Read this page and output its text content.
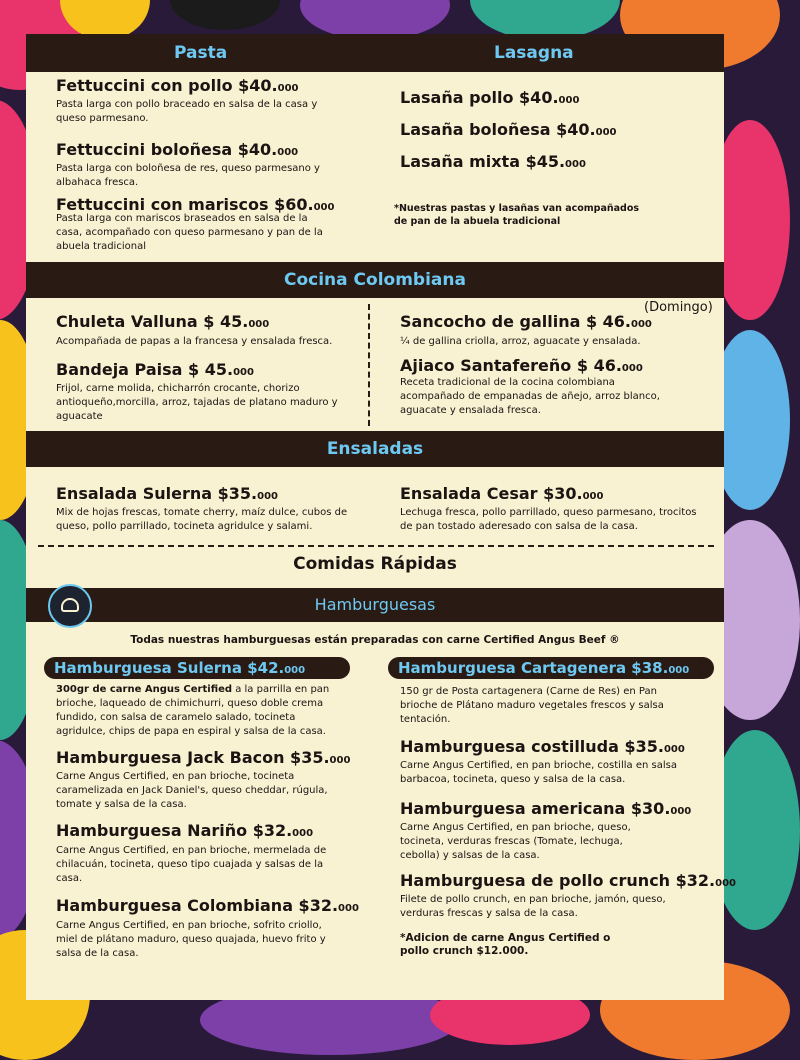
Pasta	Lasagna
Fettuccini con pollo $40.000
Pasta larga con pollo braceado en salsa de la casa y queso parmesano.
Fettuccini boloñesa $40.000
Pasta larga con boloñesa de res, queso parmesano y albahaca fresca.
Fettuccini con mariscos $60.000
Pasta larga con mariscos braseados en salsa de la casa, acompañado con queso parmesano y pan de la abuela tradicional
Lasaña pollo $40.000
Lasaña boloñesa $40.000
Lasaña mixta $45.000
*Nuestras pastas y lasañas van acompañados de pan de la abuela tradicional
Cocina Colombiana
(Domingo)
Chuleta Valluna $ 45.000
Acompañada de papas a la francesa y ensalada fresca.
Bandeja Paisa $ 45.000
Frijol, carne molida, chicharrón crocante, chorizo antioqueño,morcilla, arroz, tajadas de platano maduro y aguacate
Sancocho de gallina $ 46.000
¼ de gallina criolla, arroz, aguacate y ensalada.
Ajiaco Santafereño $ 46.000
Receta tradicional de la cocina colombiana acompañado de empanadas de añejo, arroz blanco, aguacate y ensalada fresca.
Ensaladas
Ensalada Sulerna $35.000
Mix de hojas frescas, tomate cherry, maíz dulce, cubos de queso, pollo parrillado, tocineta agridulce y salami.
Ensalada Cesar $30.000
Lechuga fresca, pollo parrillado, queso parmesano, trocitos de pan tostado aderesado con salsa de la casa.
Comidas Rápidas
Hamburguesas
Todas nuestras hamburguesas están preparadas con carne Certified Angus Beef ®
Hamburguesa Sulerna $42.000
300gr de carne Angus Certified a la parrilla en pan brioche, laqueado de chimichurri, queso doble crema fundido, con salsa de caramelo salado, tocineta agridulce, chips de papa en espiral y salsa de la casa.
Hamburguesa Cartagenera $38.000
150 gr de Posta cartagenera (Carne de Res) en Pan brioche de Plátano maduro vegetales frescos y salsa tentación.
Hamburguesa Jack Bacon $35.000
Carne Angus Certified, en pan brioche, tocineta caramelizada en Jack Daniel's, queso cheddar, rúgula, tomate y salsa de la casa.
Hamburguesa Nariño $32.000
Carne Angus Certified, en pan brioche, mermelada de chilacuán, tocineta, queso tipo cuajada y salsas de la casa.
Hamburguesa Colombiana $32.000
Carne Angus Certified, en pan brioche, sofrito criollo, miel de plátano maduro, queso quajada, huevo frito y salsa de la casa.
Hamburguesa costilluda $35.000
Carne Angus Certified, en pan brioche, costilla en salsa barbacoa, tocineta, queso y salsa de la casa.
Hamburguesa americana $30.000
Carne Angus Certified, en pan brioche, queso, tocineta, verduras frescas (Tomate, lechuga, cebolla) y salsas de la casa.
Hamburguesa de pollo crunch $32.000
Filete de pollo crunch, en pan brioche, jamón, queso, verduras frescas y salsa de la casa.
*Adicion de carne Angus Certified o pollo crunch $12.000.
